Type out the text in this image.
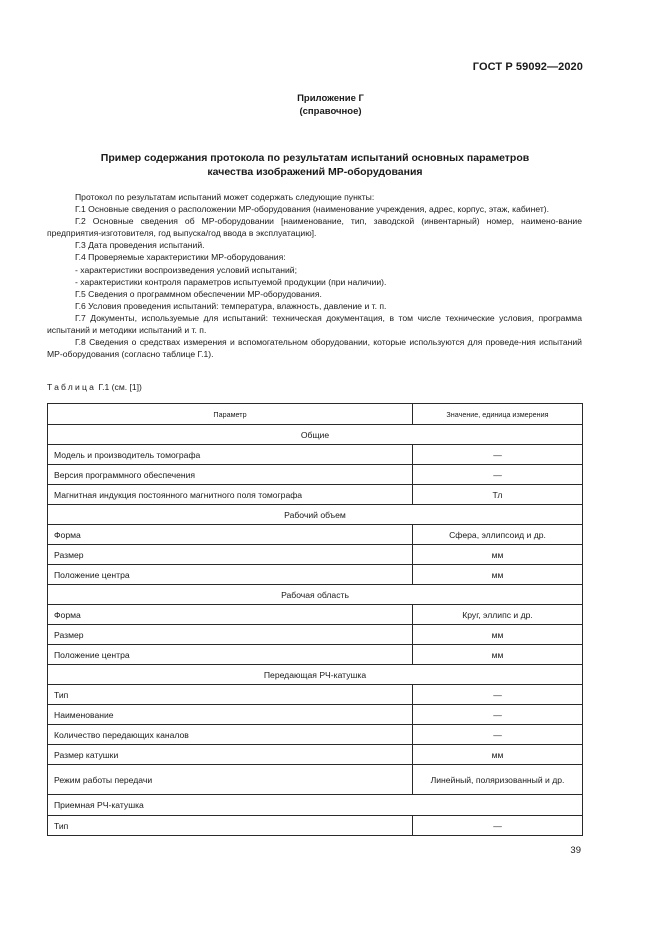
ГОСТ Р 59092—2020
Приложение Г
(справочное)
Пример содержания протокола по результатам испытаний основных параметров
качества изображений МР-оборудования

Протокол по результатам испытаний может содержать следующие пункты:

Г.1 Основные сведения о расположении МР-оборудования (наименование учреждения, адрес, корпус, этаж, кабинет).

Г.2 Основные сведения об МР-оборудовании [наименование, тип, заводской (инвентарный) номер, наимено-вание предприятия-изготовителя, год выпуска/год ввода в эксплуатацию].

Г.3 Дата проведения испытаний.

Г.4 Проверяемые характеристики МР-оборудования:

- характеристики воспроизведения условий испытаний;

- характеристики контроля параметров испытуемой продукции (при наличии).

Г.5 Сведения о программном обеспечении МР-оборудования.

Г.6 Условия проведения испытаний: температура, влажность, давление и т. п.

Г.7 Документы, используемые для испытаний: техническая документация, в том числе технические условия, программа испытаний и методики испытаний и т. п.

Г.8 Сведения о средствах измерения и вспомогательном оборудовании, которые используются для проведе-ния испытаний МР-оборудования (согласно таблице Г.1).

Таблица Г.1 (см. [1])
Параметр	Значение, единица измерения
Общие	
Модель и производитель томографа	—
Версия программного обеспечения	—
Магнитная индукция постоянного магнитного поля томографа	Тл
Рабочий объем	
Форма	Сфера, эллипсоид и др.
Размер	мм
Положение центра	мм
Рабочая область	
Форма	Круг, эллипс и др.
Размер	мм
Положение центра	мм
Передающая РЧ-катушка	
Тип	—
Наименование	—
Количество передающих каналов	—
Размер катушки	мм
Режим работы передачи	Линейный, поляризованный и др.
Приемная РЧ-катушка	
Тип	—
39
